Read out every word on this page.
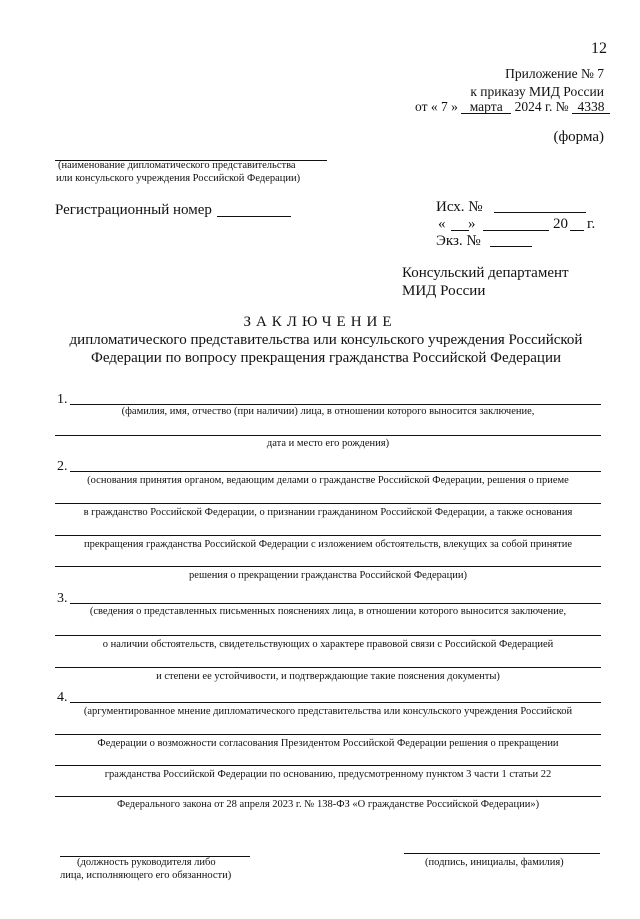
12
Приложение № 7
к приказу МИД России
от « 7 » марта 2024 г. № 4338
(форма)
(наименование дипломатического представительства
или консульского учреждения Российской Федерации)
Регистрационный номер	Исх. №
« »	20 г.
Экз. №
Консульский департамент
МИД России
ЗАКЛЮЧЕНИЕ
дипломатического представительства или консульского учреждения Российской
Федерации по вопросу прекращения гражданства Российской Федерации
1.
(фамилия, имя, отчество (при наличии) лица, в отношении которого выносится заключение,
дата и место его рождения)
2.
(основания принятия органом, ведающим делами о гражданстве Российской Федерации, решения о приеме
в гражданство Российской Федерации, о признании гражданином Российской Федерации, а также основания
прекращения гражданства Российской Федерации с изложением обстоятельств, влекущих за собой принятие
решения о прекращении гражданства Российской Федерации)
3.
(сведения о представленных письменных пояснениях лица, в отношении которого выносится заключение,
о наличии обстоятельств, свидетельствующих о характере правовой связи с Российской Федерацией
и степени ее устойчивости, и подтверждающие такие пояснения документы)
4.
(аргументированное мнение дипломатического представительства или консульского учреждения Российской
Федерации о возможности согласования Президентом Российской Федерации решения о прекращении
гражданства Российской Федерации по основанию, предусмотренному пунктом 3 части 1 статьи 22
Федерального закона от 28 апреля 2023 г. № 138-ФЗ «О гражданстве Российской Федерации»)
(должность руководителя либо
лица, исполняющего его обязанности)
(подпись, инициалы, фамилия)
